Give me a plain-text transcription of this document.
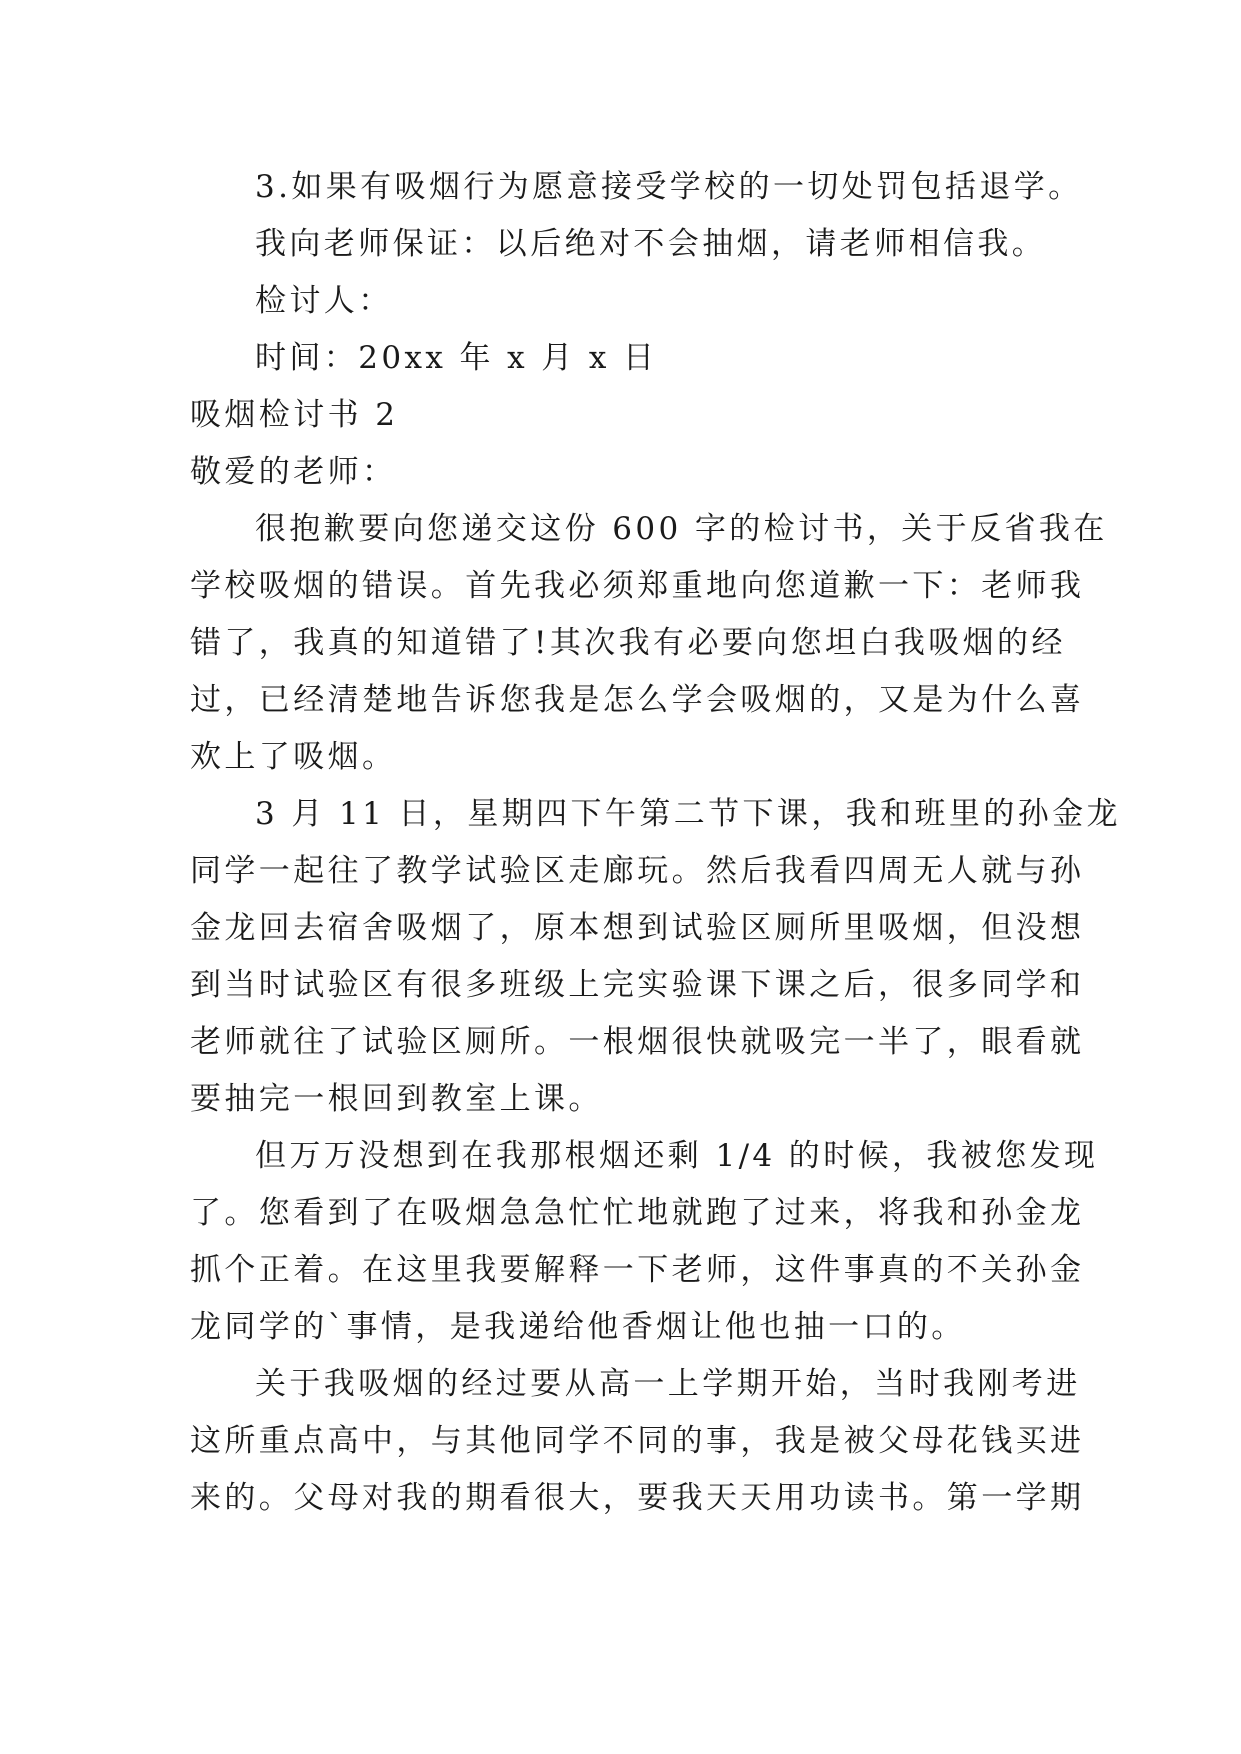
3.如果有吸烟行为愿意接受学校的一切处罚包括退学。
我向老师保证：以后绝对不会抽烟，请老师相信我。
检讨人：
时间：20xx 年 x 月 x 日
吸烟检讨书 2
敬爱的老师：
很抱歉要向您递交这份 600 字的检讨书，关于反省我在
学校吸烟的错误。首先我必须郑重地向您道歉一下：老师我
错了，我真的知道错了!其次我有必要向您坦白我吸烟的经
过，已经清楚地告诉您我是怎么学会吸烟的，又是为什么喜
欢上了吸烟。
3 月 11 日，星期四下午第二节下课，我和班里的孙金龙
同学一起往了教学试验区走廊玩。然后我看四周无人就与孙
金龙回去宿舍吸烟了，原本想到试验区厕所里吸烟，但没想
到当时试验区有很多班级上完实验课下课之后，很多同学和
老师就往了试验区厕所。一根烟很快就吸完一半了，眼看就
要抽完一根回到教室上课。
但万万没想到在我那根烟还剩 1/4 的时候，我被您发现
了。您看到了在吸烟急急忙忙地就跑了过来，将我和孙金龙
抓个正着。在这里我要解释一下老师，这件事真的不关孙金
龙同学的`事情，是我递给他香烟让他也抽一口的。
关于我吸烟的经过要从高一上学期开始，当时我刚考进
这所重点高中，与其他同学不同的事，我是被父母花钱买进
来的。父母对我的期看很大，要我天天用功读书。第一学期
